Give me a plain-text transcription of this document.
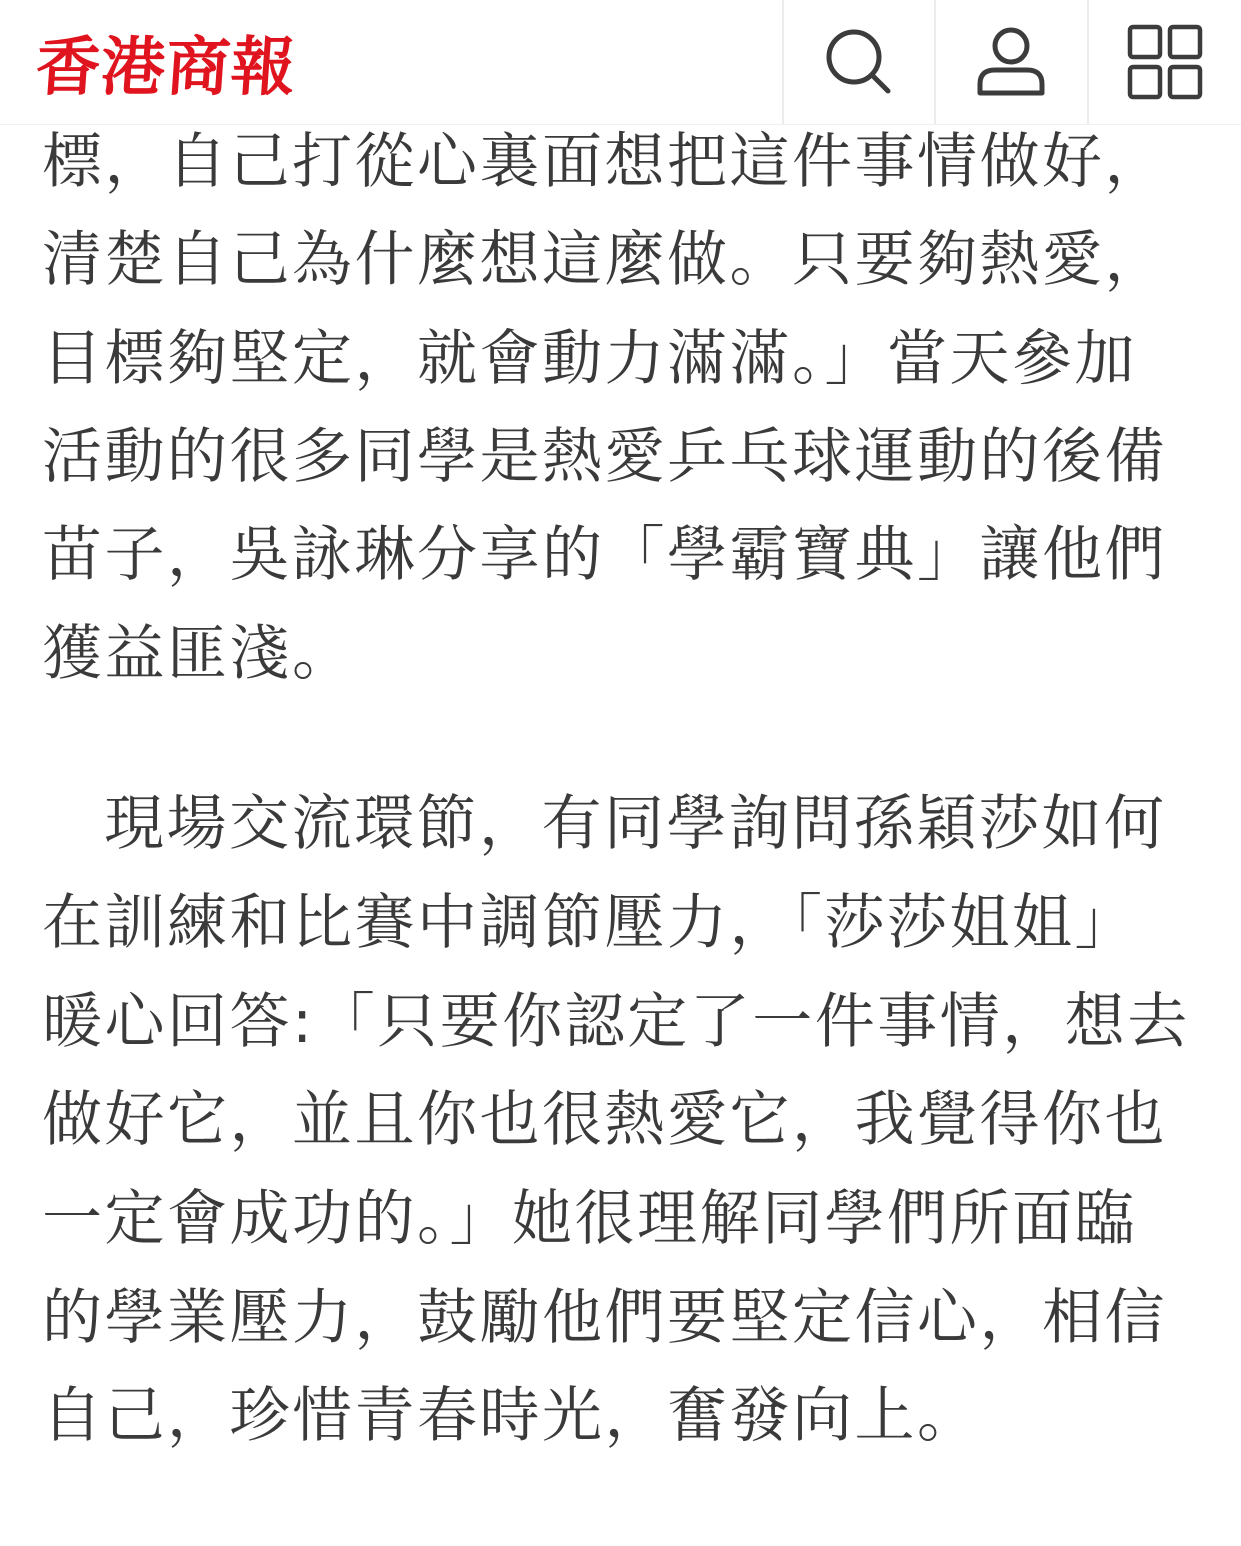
香港商報
標，自己打從心裏面想把這件事情做好，
清楚自己為什麼想這麼做。只要夠熱愛，
目標夠堅定，就會動力滿滿。」當天參加
活動的很多同學是熱愛乒乓球運動的後備
苗子，吳詠琳分享的「學霸寶典」讓他們
獲益匪淺。
現場交流環節，有同學詢問孫穎莎如何
在訓練和比賽中調節壓力，「莎莎姐姐」
暖心回答:「只要你認定了一件事情，想去
做好它，並且你也很熱愛它，我覺得你也
一定會成功的。」她很理解同學們所面臨
的學業壓力，鼓勵他們要堅定信心，相信
自己，珍惜青春時光，奮發向上。
